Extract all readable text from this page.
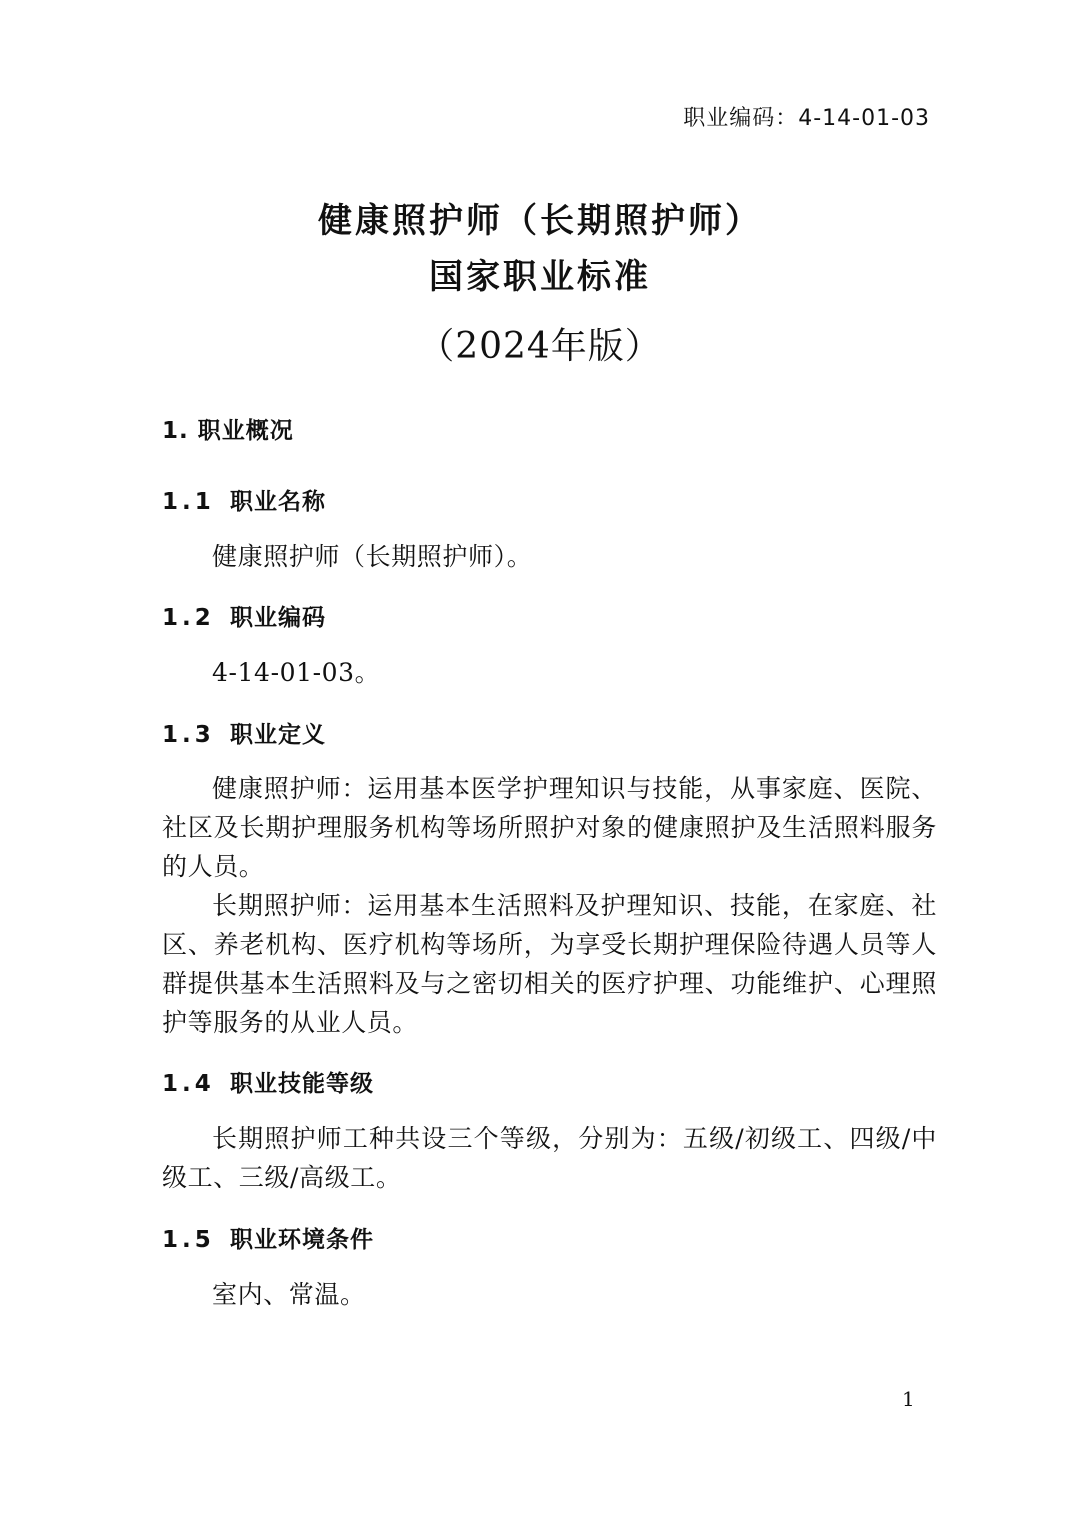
职业编码：4-14-01-03
健康照护师（长期照护师）
国家职业标准
（2024年版）
1. 职业概况
1.1 职业名称
健康照护师（长期照护师）。
1.2 职业编码
4-14-01-03。
1.3 职业定义
健康照护师：运用基本医学护理知识与技能，从事家庭、医院、社区及长期护理服务机构等场所照护对象的健康照护及生活照料服务的人员。
长期照护师：运用基本生活照料及护理知识、技能，在家庭、社区、养老机构、医疗机构等场所，为享受长期护理保险待遇人员等人群提供基本生活照料及与之密切相关的医疗护理、功能维护、心理照护等服务的从业人员。
1.4 职业技能等级
长期照护师工种共设三个等级，分别为：五级/初级工、四级/中级工、三级/高级工。
1.5 职业环境条件
室内、常温。
1
